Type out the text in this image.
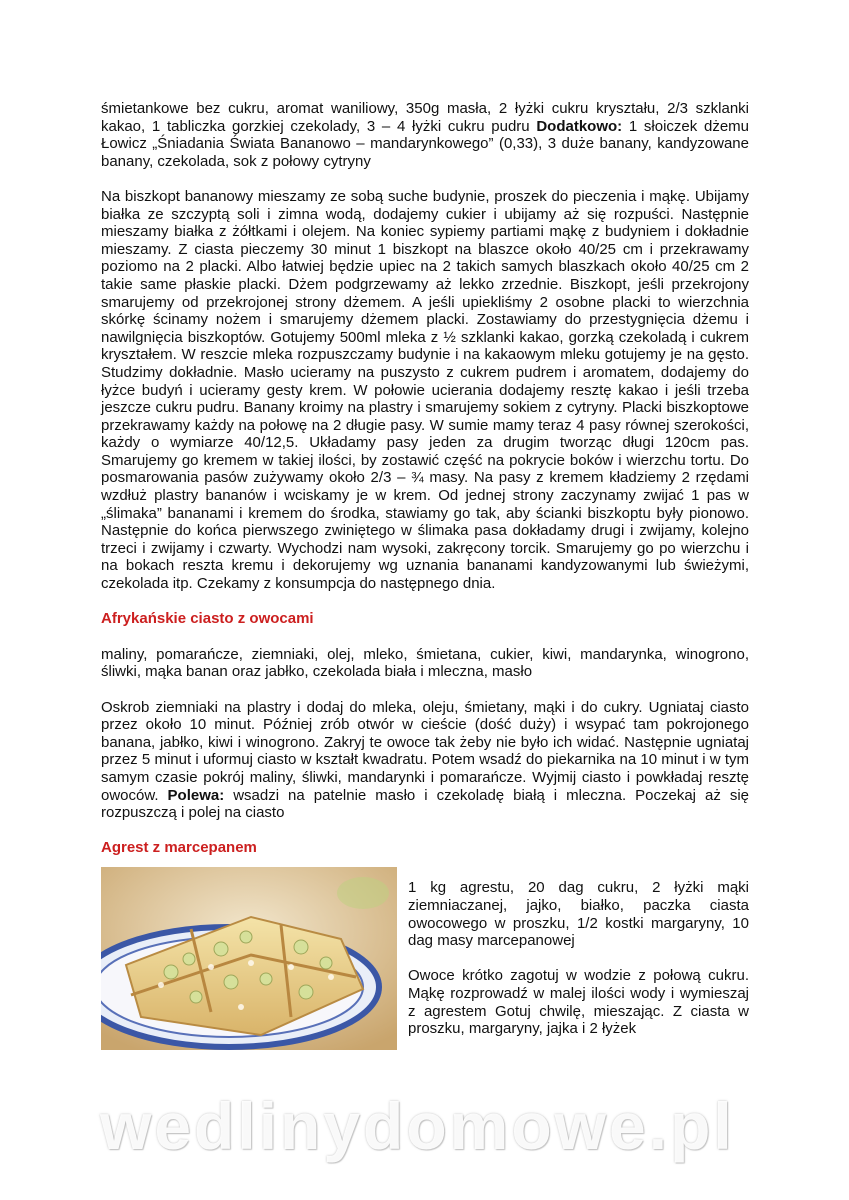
śmietankowe bez cukru, aromat waniliowy, 350g masła, 2 łyżki cukru kryształu, 2/3 szklanki kakao, 1 tabliczka gorzkiej czekolady, 3 – 4 łyżki cukru pudru Dodatkowo: 1 słoiczek dżemu Łowicz „Śniadania Świata Bananowo – mandarynkowego” (0,33), 3 duże banany, kandyzowane banany, czekolada, sok z połowy cytryny

Na biszkopt bananowy mieszamy ze sobą suche budynie, proszek do pieczenia i mąkę. Ubijamy białka ze szczyptą soli i zimna wodą, dodajemy cukier i ubijamy aż się rozpuści. Następnie mieszamy białka z żółtkami i olejem. Na koniec sypiemy partiami mąkę z budyniem i dokładnie mieszamy. Z ciasta pieczemy 30 minut 1 biszkopt na blaszce około 40/25 cm i przekrawamy poziomo na 2 placki. Albo łatwiej będzie upiec na 2 takich samych blaszkach około 40/25 cm 2 takie same płaskie placki. Dżem podgrzewamy aż lekko zrzednie. Biszkopt, jeśli przekrojony smarujemy od przekrojonej strony dżemem. A jeśli upiekliśmy 2 osobne placki to wierzchnia skórkę ścinamy nożem i smarujemy dżemem placki. Zostawiamy do przestygnięcia dżemu i nawilgnięcia biszkoptów. Gotujemy 500ml mleka z ½ szklanki kakao, gorzką czekoladą i cukrem kryształem. W reszcie mleka rozpuszczamy budynie i na kakaowym mleku gotujemy je na gęsto. Studzimy dokładnie. Masło ucieramy na puszysto z cukrem pudrem i aromatem, dodajemy do łyżce budyń i ucieramy gesty krem. W połowie ucierania dodajemy resztę kakao i jeśli trzeba jeszcze cukru pudru. Banany kroimy na plastry i smarujemy sokiem z cytryny. Placki biszkoptowe przekrawamy każdy na połowę na 2 długie pasy. W sumie mamy teraz 4 pasy równej szerokości, każdy o wymiarze 40/12,5. Układamy pasy jeden za drugim tworząc długi 120cm pas. Smarujemy go kremem w takiej ilości, by zostawić część na pokrycie boków i wierzchu tortu. Do posmarowania pasów zużywamy około 2/3 – ¾ masy. Na pasy z kremem kładziemy 2 rzędami wzdłuż plastry bananów i wciskamy je w krem. Od jednej strony zaczynamy zwijać 1 pas w „ślimaka” bananami i kremem do środka, stawiamy go tak, aby ścianki biszkoptu były pionowo. Następnie do końca pierwszego zwiniętego w ślimaka pasa dokładamy drugi i zwijamy, kolejno trzeci i zwijamy i czwarty. Wychodzi nam wysoki, zakręcony torcik. Smarujemy go po wierzchu i na bokach reszta kremu i dekorujemy wg uznania bananami kandyzowanymi lub świeżymi, czekolada itp. Czekamy z konsumpcja do następnego dnia.

Afrykańskie ciasto z owocami

maliny, pomarańcze, ziemniaki, olej, mleko, śmietana, cukier, kiwi, mandarynka, winogrono, śliwki, mąka banan oraz jabłko, czekolada biała i mleczna, masło

Oskrob ziemniaki na plastry i dodaj do mleka, oleju, śmietany, mąki i do cukry. Ugniataj ciasto przez około 10 minut. Później zrób otwór w cieście (dość duży) i wsypać tam pokrojonego banana, jabłko, kiwi i winogrono. Zakryj te owoce tak żeby nie było ich widać. Następnie ugniataj przez 5 minut i uformuj ciasto w kształt kwadratu. Potem wsadź do piekarnika na 10 minut i w tym samym czasie pokrój maliny, śliwki, mandarynki i pomarańcze. Wyjmij ciasto i powkładaj resztę owoców. Polewa: wsadzi na patelnie masło i czekoladę białą i mleczna. Poczekaj aż się rozpuszczą i polej na ciasto

Agrest z marcepanem

1 kg agrestu, 20 dag cukru, 2 łyżki mąki ziemniaczanej, jajko, białko, paczka ciasta owocowego w proszku, 1/2 kostki margaryny, 10 dag masy marcepanowej

Owoce krótko zagotuj w wodzie z połową cukru. Mąkę rozprowadź w malej ilości wody i wymieszaj z agrestem Gotuj chwilę, mieszając. Z ciasta w proszku, margaryny, jajka i 2 łyżek

wedlinydomowe.pl
